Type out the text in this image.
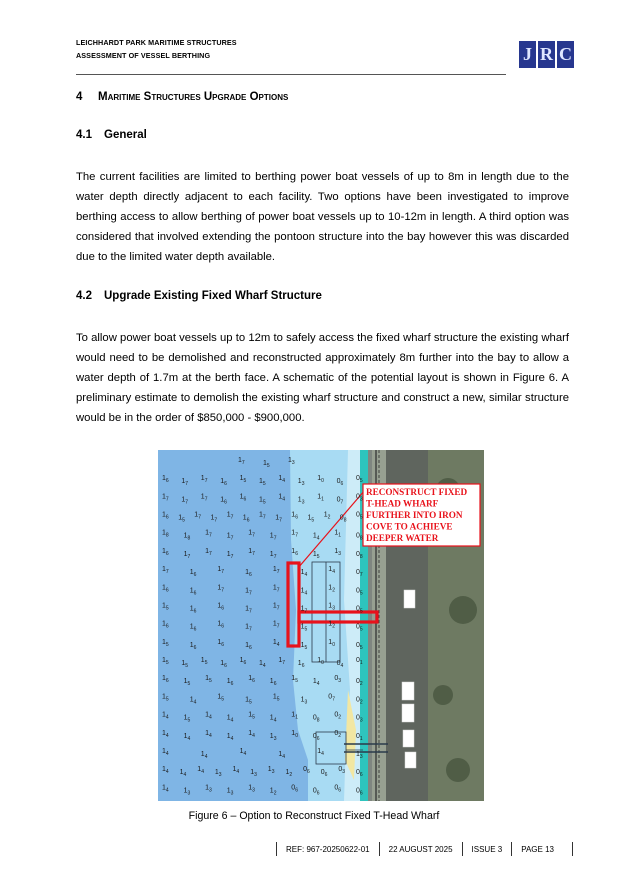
LEICHHARDT PARK MARITIME STRUCTURES
ASSESSMENT OF VESSEL BERTHING	J R C
4 Maritime Structures Upgrade Options
4.1 General

The current facilities are limited to berthing power boat vessels of up to 8m in length due to the water depth directly adjacent to each facility. Two options have been investigated to improve berthing access to allow berthing of power boat vessels up to 10-12m in length. A third option was considered that involved extending the pontoon structure into the bay however this was discarded due to the limited water depth available.

4.2 Upgrade Existing Fixed Wharf Structure

To allow power boat vessels up to 12m to safely access the fixed wharf structure the existing wharf would need to be demolished and reconstructed approximately 8m further into the bay to allow a water depth of 1.7m at the berth face. A schematic of the potential layout is shown in Figure 6. A preliminary estimate to demolish the existing wharf structure and construct a new, similar structure would be in the order of $850,000 - $900,000.

RECONSTRUCT FIXED
T-HEAD WHARF
FURTHER INTO IRON
COVE TO ACHIEVE
DEEPER WATER
$1_7$	$1_5$
$1_3$
$1_6$ $1_7$
$1_7$ $1_6$
$1_5$ $1_5$
$1_4$ $1_3$
$1_0$ $0_6$
$0_5$
$1_7$ $1_7$
$1_7$ $1_6$
$1_6$ $1_5$
$1_4$ $1_3$
$1_1$ $0_7$
$0_3$
$1_6$ $1_5$
$1_7$ $1_7$
$1_7$ $1_6$
$1_7$ $1_7$
$1_6$ $1_5$
$1_2$ $0_8$
$0_5$
$1_8$ $1_8$
$1_7$ $1_7$
$1_7$ $1_7$
$1_7$ $1_4$
$1_1$ $0_8$
$1_6$ $1_7$
$1_7$ $1_7$
$1_7$ $1_7$
$1_6$ $1_5$
$1_3$ $0_8$
$1_7$	$1_6$
$1_7$	$1_6$
$1_7$	$1_4$
$1_4$	$0_7$
$1_6$	$1_6$
$1_7$	$1_7$
$1_7$	$1_4$
$1_2$	$0_5$
$1_5$	$1_6$
$1_6$	$1_7$
$1_7$	$1_7$
$1_3$	$0_5$
$1_6$	$1_6$
$1_6$	$1_7$
$1_7$	$1_5$
$1_2$	$0_5$
$1_5$	$1_6$
$1_6$	$1_6$
$1_4$	$1_5$
$1_0$	$0_5$
$1_5$ $1_5$
$1_5$ $1_6$
$1_6$ $1_4$
$1_7$ $1_6$
$1_0$ $0_4$
$0_1$
$1_6$ $1_5$
$1_5$ $1_6$
$1_6$ $1_6$
$1_5$ $1_4$
$0_3$ $0_2$
$1_5$	$1_4$
$1_5$	$1_5$
$1_5$	$1_3$
$0_7$	$0_2$
$1_4$ $1_5$
$1_4$ $1_4$
$1_5$ $1_4$
$1_1$ $0_8$
$0_2$ $0_3$
$1_4$ $1_4$
$1_4$ $1_4$
$1_4$ $1_3$
$1_0$ $0_6$
$0_2$ $0_1$
$1_4$	$1_4$
$1_4$	$1_4$
$1_4$	$1_3$
$1_4$ $1_4$
$1_4$ $1_3$
$1_4$ $1_3$
$1_3$ $1_2$
$0_6$ $0_6$
$0_3$ $0_6$
$1_4$ $1_3$
$1_3$ $1_3$
$1_3$ $1_2$
$0_6$ $0_6$
$0_6$ $0_6$
Figure 6 – Option to Reconstruct Fixed T-Head Wharf
REF: 967-20250622-01	22 AUGUST 2025	ISSUE 3	PAGE 13
